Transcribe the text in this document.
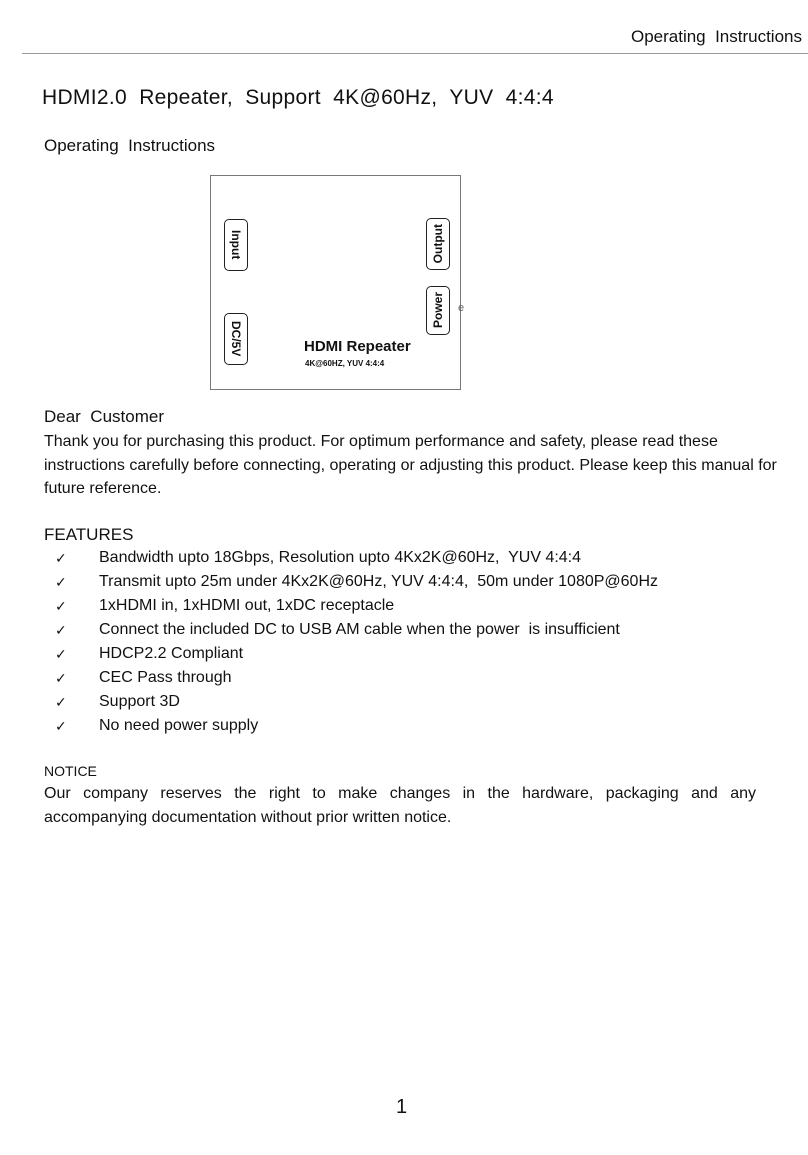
Operating  Instructions
HDMI2.0  Repeater,  Support  4K@60Hz,  YUV  4:4:4
Operating  Instructions
Input
DC/5V
Output
Power e
HDMI Repeater
4K@60HZ, YUV 4:4:4
Dear  Customer
Thank you for purchasing this product. For optimum performance and safety, please read these instructions carefully before connecting, operating or adjusting this product. Please keep this manual for future reference.
FEATURES
✓ Bandwidth upto 18Gbps, Resolution upto 4Kx2K@60Hz,  YUV 4:4:4
✓ Transmit upto 25m under 4Kx2K@60Hz, YUV 4:4:4,  50m under 1080P@60Hz
✓ 1xHDMI in, 1xHDMI out, 1xDC receptacle
✓ Connect the included DC to USB AM cable when the power  is insufficient
✓ HDCP2.2 Compliant
✓ CEC Pass through
✓ Support 3D
✓ No need power supply
NOTICE
Our company reserves the right to make changes in the hardware, packaging and any accompanying documentation without prior written notice.
1
